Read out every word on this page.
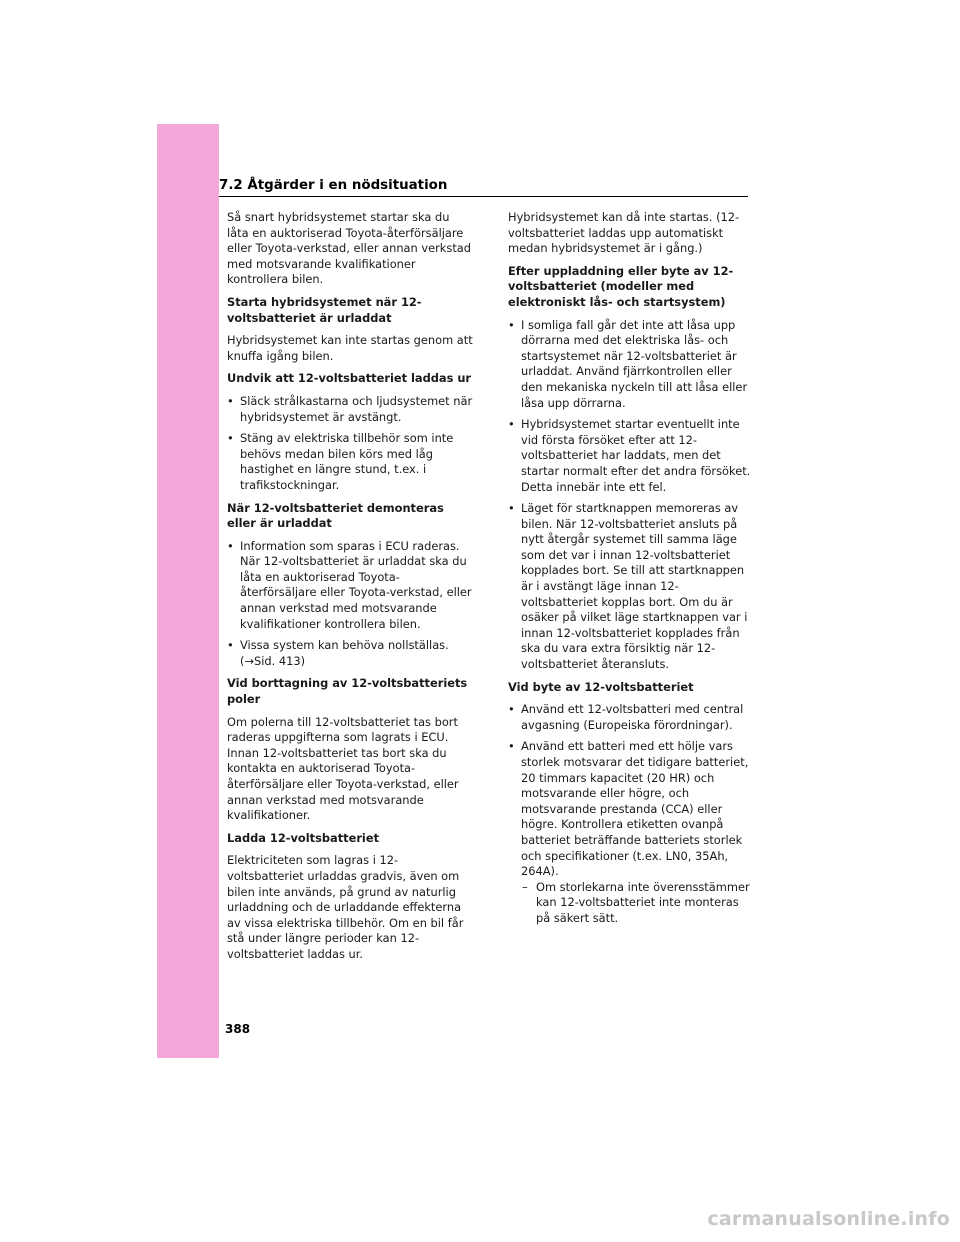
7.2 Åtgärder i en nödsituation

Så snart hybridsystemet startar ska du låta en auktoriserad Toyota-återförsäljare eller Toyota-verkstad, eller annan verkstad med motsvarande kvalifikationer kontrollera bilen.

Starta hybridsystemet när 12-voltsbatteriet är urladdat

Hybridsystemet kan inte startas genom att knuffa igång bilen.

Undvik att 12-voltsbatteriet laddas ur
• Släck strålkastarna och ljudsystemet när hybridsystemet är avstängt.
• Stäng av elektriska tillbehör som inte behövs medan bilen körs med låg hastighet en längre stund, t.ex. i trafikstockningar.
När 12-voltsbatteriet demonteras eller är urladdat
• Information som sparas i ECU raderas. När 12-voltsbatteriet är urladdat ska du låta en auktoriserad Toyota-återförsäljare eller Toyota-verkstad, eller annan verkstad med motsvarande kvalifikationer kontrollera bilen.
• Vissa system kan behöva nollställas. (→Sid. 413)
Vid borttagning av 12-voltsbatteriets poler

Om polerna till 12-voltsbatteriet tas bort raderas uppgifterna som lagrats i ECU. Innan 12-voltsbatteriet tas bort ska du kontakta en auktoriserad Toyota-återförsäljare eller Toyota-verkstad, eller annan verkstad med motsvarande kvalifikationer.

Ladda 12-voltsbatteriet

Elektriciteten som lagras i 12-voltsbatteriet urladdas gradvis, även om bilen inte används, på grund av naturlig urladdning och de urladdande effekterna av vissa elektriska tillbehör. Om en bil får stå under längre perioder kan 12-voltsbatteriet laddas ur.

Hybridsystemet kan då inte startas. (12-voltsbatteriet laddas upp automatiskt medan hybridsystemet är i gång.)

Efter uppladdning eller byte av 12-voltsbatteriet (modeller med elektroniskt lås- och startsystem)
• I somliga fall går det inte att låsa upp dörrarna med det elektriska lås- och startsystemet när 12-voltsbatteriet är urladdat. Använd fjärrkontrollen eller den mekaniska nyckeln till att låsa eller låsa upp dörrarna.
• Hybridsystemet startar eventuellt inte vid första försöket efter att 12-voltsbatteriet har laddats, men det startar normalt efter det andra försöket. Detta innebär inte ett fel.
• Läget för startknappen memoreras av bilen. När 12-voltsbatteriet ansluts på nytt återgår systemet till samma läge som det var i innan 12-voltsbatteriet kopplades bort. Se till att startknappen är i avstängt läge innan 12-voltsbatteriet kopplas bort. Om du är osäker på vilket läge startknappen var i innan 12-voltsbatteriet kopplades från ska du vara extra försiktig när 12-voltsbatteriet återansluts.
Vid byte av 12-voltsbatteriet
• Använd ett 12-voltsbatteri med central avgasning (Europeiska förordningar).
• Använd ett batteri med ett hölje vars storlek motsvarar det tidigare batteriet, 20 timmars kapacitet (20 HR) och motsvarande eller högre, och motsvarande prestanda (CCA) eller högre. Kontrollera etiketten ovanpå batteriet beträffande batteriets storlek och specifikationer (t.ex. LN0, 35Ah, 264A).
– Om storlekarna inte överensstämmer kan 12-voltsbatteriet inte monteras på säkert sätt.
388
carmanualsonline.info
